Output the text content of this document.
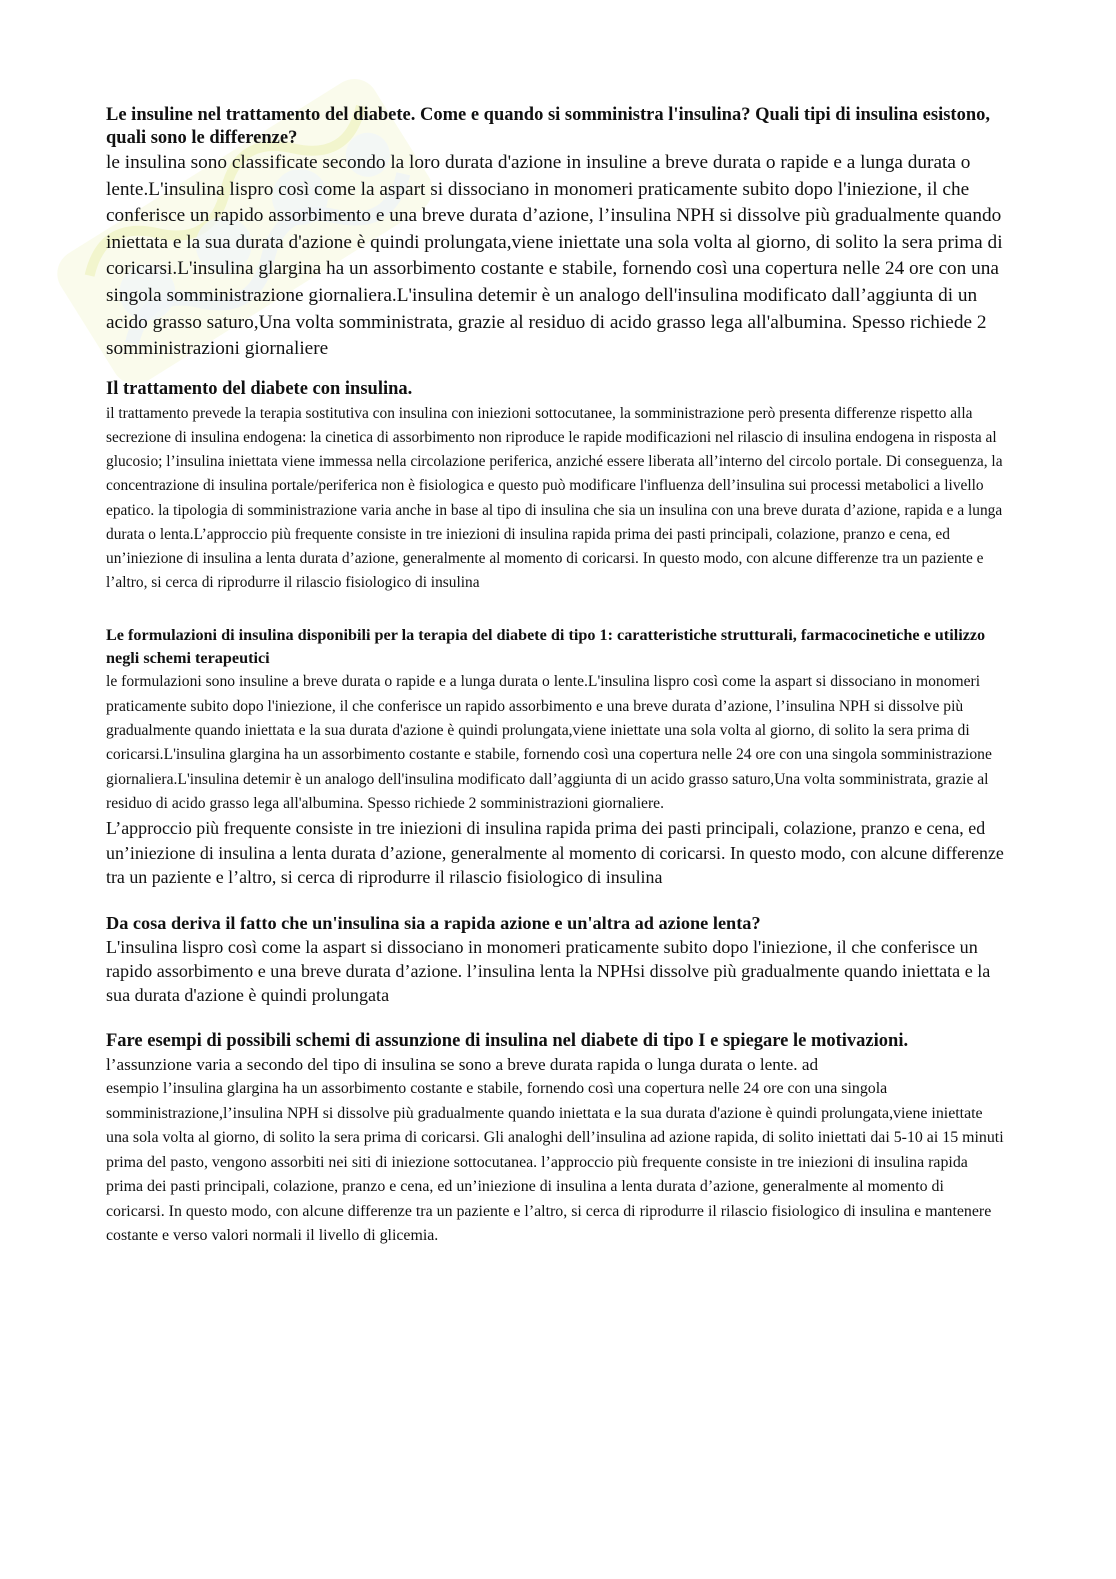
Le insuline nel trattamento del diabete. Come e quando si somministra l'insulina? Quali tipi di insulina esistono, quali sono le differenze?

le insulina sono classificate secondo la loro durata d'azione in insuline a breve durata o rapide e a lunga durata o lente.L'insulina lispro così come la aspart si dissociano in monomeri praticamente subito dopo l'iniezione, il che conferisce un rapido assorbimento e una breve durata d’azione, l’insulina NPH si dissolve più gradualmente quando iniettata e la sua durata d'azione è quindi prolungata,viene iniettate una sola volta al giorno, di solito la sera prima di coricarsi.L'insulina glargina ha un assorbimento costante e stabile, fornendo così una copertura nelle 24 ore con una singola somministrazione giornaliera.L'insulina detemir è un analogo dell'insulina modificato dall’aggiunta di un acido grasso saturo,Una volta somministrata, grazie al residuo di acido grasso lega all'albumina. Spesso richiede 2 somministrazioni giornaliere

Il trattamento del diabete con insulina.

il trattamento prevede la terapia sostitutiva con insulina con iniezioni sottocutanee, la somministrazione però presenta differenze rispetto alla secrezione di insulina endogena: la cinetica di assorbimento non riproduce le rapide modificazioni nel rilascio di insulina endogena in risposta al glucosio; l’insulina iniettata viene immessa nella circolazione periferica, anziché essere liberata all’interno del circolo portale. Di conseguenza, la concentrazione di insulina portale/periferica non è fisiologica e questo può modificare l'influenza dell’insulina sui processi metabolici a livello epatico. la tipologia di somministrazione varia anche in base al tipo di insulina che sia un insulina con una breve durata d’azione, rapida e a lunga durata o lenta.L’approccio più frequente consiste in tre iniezioni di insulina rapida prima dei pasti principali, colazione, pranzo e cena, ed un’iniezione di insulina a lenta durata d’azione, generalmente al momento di coricarsi. In questo modo, con alcune differenze tra un paziente e l’altro, si cerca di riprodurre il rilascio fisiologico di insulina

Le formulazioni di insulina disponibili per la terapia del diabete di tipo 1: caratteristiche strutturali, farmacocinetiche e utilizzo negli schemi terapeutici

le formulazioni sono insuline a breve durata o rapide e a lunga durata o lente.L'insulina lispro così come la aspart si dissociano in monomeri praticamente subito dopo l'iniezione, il che conferisce un rapido assorbimento e una breve durata d’azione, l’insulina NPH si dissolve più gradualmente quando iniettata e la sua durata d'azione è quindi prolungata,viene iniettate una sola volta al giorno, di solito la sera prima di coricarsi.L'insulina glargina ha un assorbimento costante e stabile, fornendo così una copertura nelle 24 ore con una singola somministrazione giornaliera.L'insulina detemir è un analogo dell'insulina modificato dall’aggiunta di un acido grasso saturo,Una volta somministrata, grazie al residuo di acido grasso lega all'albumina. Spesso richiede 2 somministrazioni giornaliere.

L’approccio più frequente consiste in tre iniezioni di insulina rapida prima dei pasti principali, colazione, pranzo e cena, ed un’iniezione di insulina a lenta durata d’azione, generalmente al momento di coricarsi. In questo modo, con alcune differenze tra un paziente e l’altro, si cerca di riprodurre il rilascio fisiologico di insulina

Da cosa deriva il fatto che un'insulina sia a rapida azione e un'altra ad azione lenta?

L'insulina lispro così come la aspart si dissociano in monomeri praticamente subito dopo l'iniezione, il che conferisce un rapido assorbimento e una breve durata d’azione. l’insulina lenta la NPHsi dissolve più gradualmente quando iniettata e la sua durata d'azione è quindi prolungata

Fare esempi di possibili schemi di assunzione di insulina nel diabete di tipo I e spiegare le motivazioni.

l’assunzione varia a secondo del tipo di insulina se sono a breve durata rapida o lunga durata o lente. ad

esempio l’insulina glargina ha un assorbimento costante e stabile, fornendo così una copertura nelle 24 ore con una singola somministrazione,l’insulina NPH si dissolve più gradualmente quando iniettata e la sua durata d'azione è quindi prolungata,viene iniettate una sola volta al giorno, di solito la sera prima di coricarsi. Gli analoghi dell’insulina ad azione rapida, di solito iniettati dai 5-10 ai 15 minuti prima del pasto, vengono assorbiti nei siti di iniezione sottocutanea. l’approccio più frequente consiste in tre iniezioni di insulina rapida prima dei pasti principali, colazione, pranzo e cena, ed un’iniezione di insulina a lenta durata d’azione, generalmente al momento di coricarsi. In questo modo, con alcune differenze tra un paziente e l’altro, si cerca di riprodurre il rilascio fisiologico di insulina e mantenere costante e verso valori normali il livello di glicemia.
